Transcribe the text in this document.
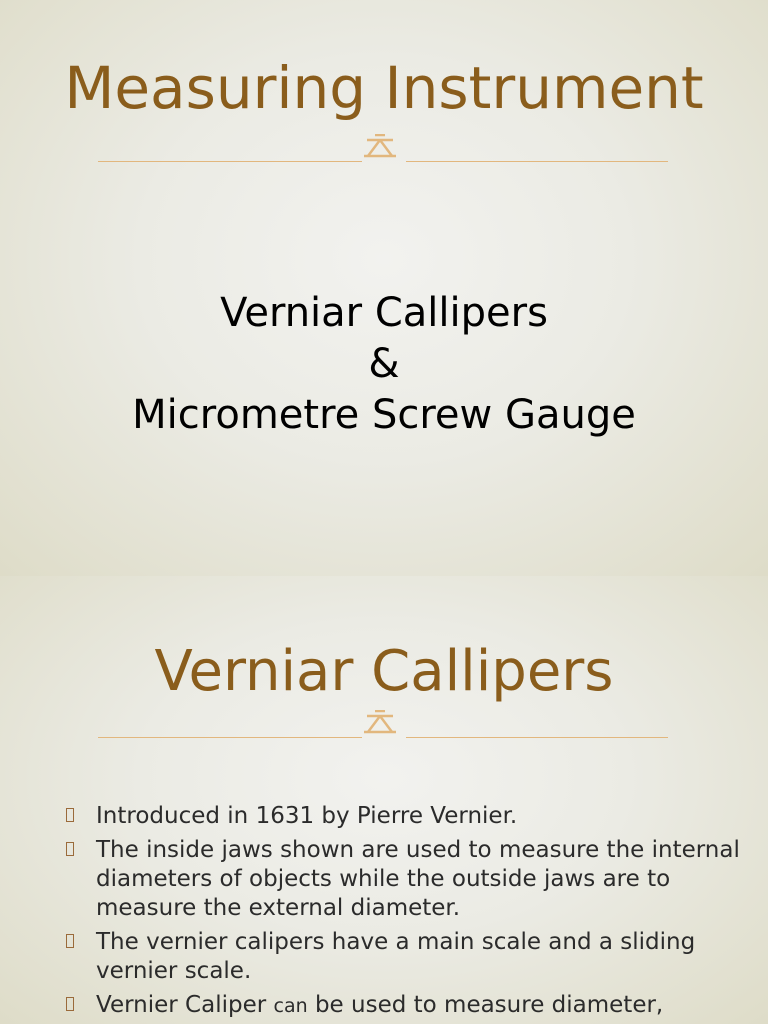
Measuring Instrument
Verniar Callipers
&
Micrometre Screw Gauge
Verniar Callipers
Introduced in 1631 by Pierre Vernier.
The inside jaws shown are used to measure the internal diameters of objects while the outside jaws are to measure the external diameter.
The vernier calipers have a main scale and a sliding vernier scale.
Vernier Caliper can be used to measure diameter,
